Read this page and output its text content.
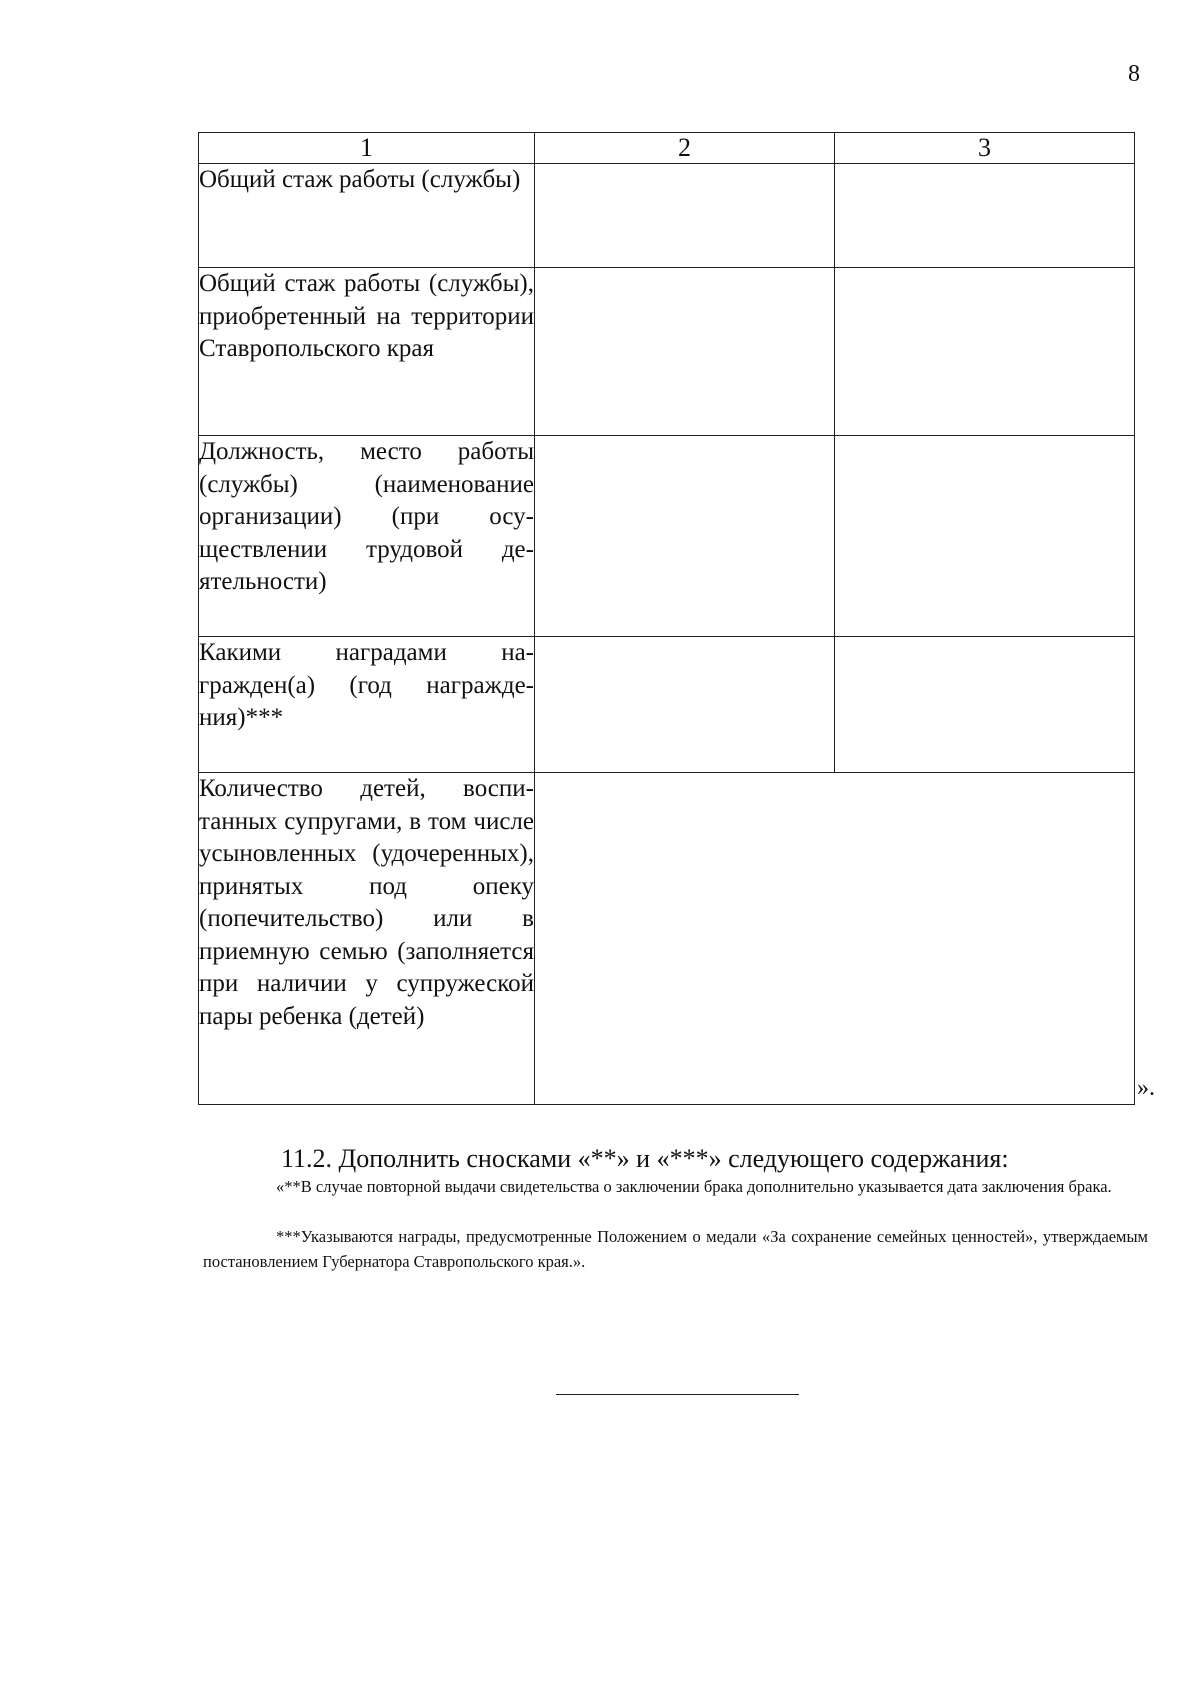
8
1	2	3
Общий стаж работы (службы)		
Общий стаж работы (службы), приобретенный на территории Ставропольского края		
Должность, место работы (службы) (наименование организации) (при осуществлении трудовой деятельности)		
Какими наградами награжден(а) (год награждения)***		
Количество детей, воспитанных супругами, в том числе усыновленных (удочеренных), принятых под опеку (попечительство) или в приемную семью (заполняется при наличии у супружеской пары ребенка (детей)		
».
11.2. Дополнить сносками «**» и «***» следующего содержания:
«**В случае повторной выдачи свидетельства о заключении брака дополнительно указывается дата заключения брака.
***Указываются награды, предусмотренные Положением о медали «За сохранение семейных ценностей», утверждаемым постановлением Губернатора Ставропольского края.».
